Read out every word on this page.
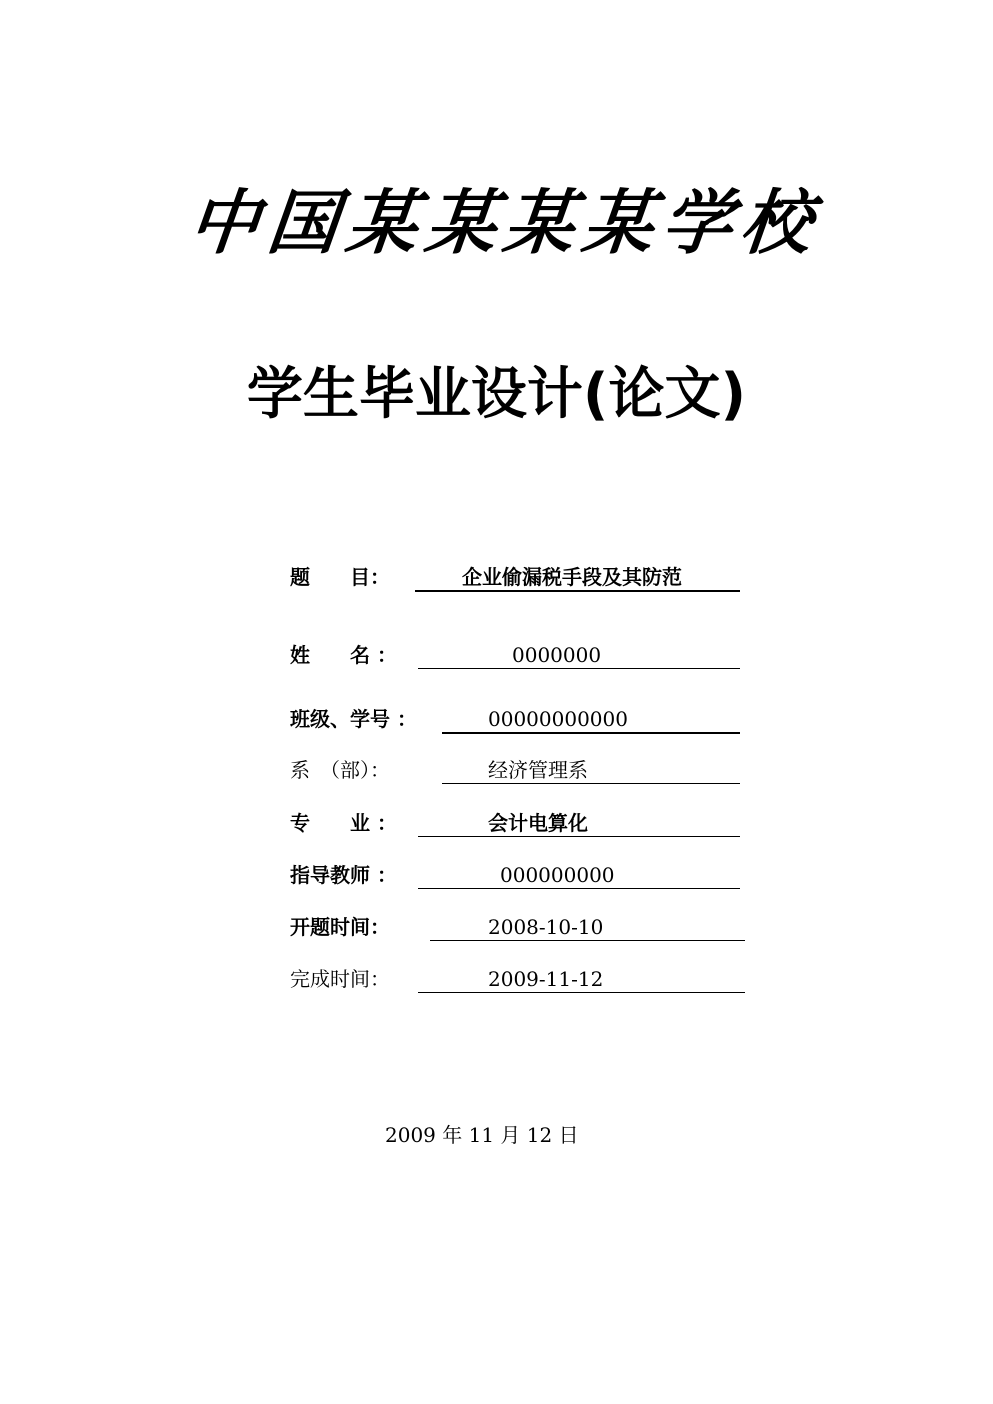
中 国 某 某 某 某 学 校
学生毕业设计(论文)
题　　目：	企业偷漏税手段及其防范
姓　　名 ：	0000000
班级、学号 ：	00000000000
系　（部）：	经济管理系
专　　业 ：	会计电算化
指导教师 ：	000000000
开题时间：	2008-10-10
完成时间：	2009-11-12
2009 年 11 月 12 日
